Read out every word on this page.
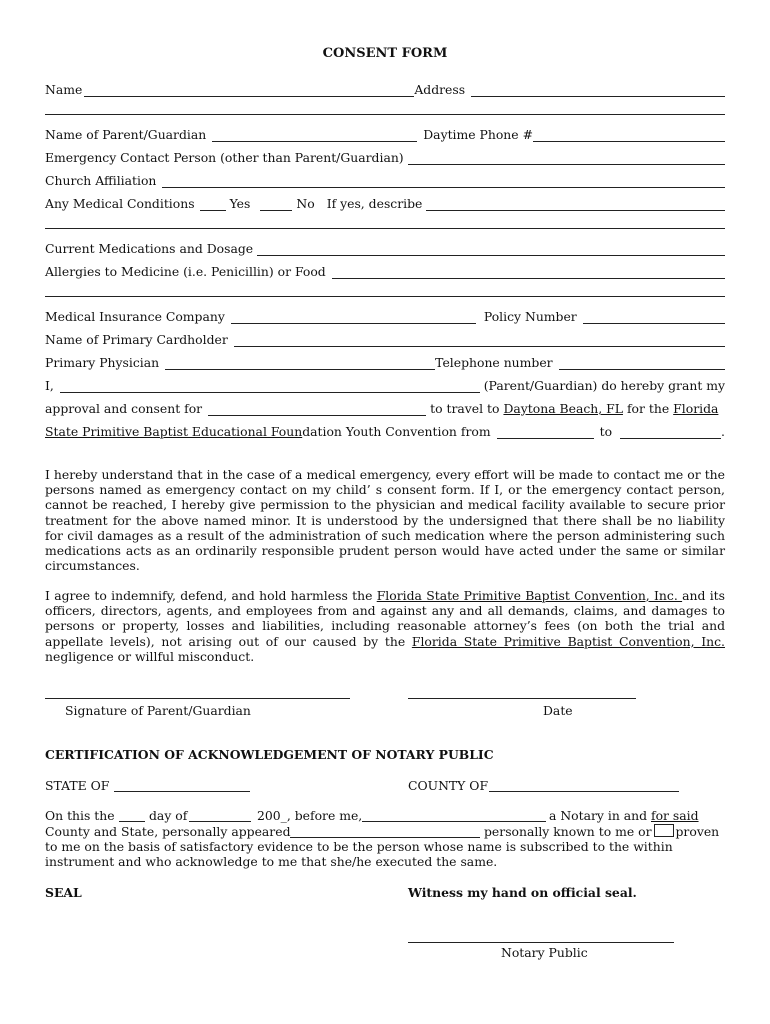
CONSENT FORM
Name	Address
Name of Parent/Guardian	Daytime Phone #
Emergency Contact Person (other than Parent/Guardian)
Church Affiliation
Any Medical Conditions	Yes	No If yes, describe
Current Medications and Dosage
Allergies to Medicine (i.e. Penicillin) or Food
Medical Insurance Company	Policy Number
Name of Primary Cardholder
Primary Physician	Telephone number
I,	(Parent/Guardian) do hereby grant my
approval and consent for	to travel to Daytona Beach, FL for the Florida
State Primitive Baptist Educational Foun dation Youth Convention from	to	.
I hereby understand that in the case of a medical emergency, every effort will be made to contact me or the persons named as emergency contact on my child’ s consent form. If I, or the emergency contact person, cannot be reached, I hereby give permission to the physician and medical facility available to secure prior treatment for the above named minor. It is understood by the undersigned that there shall be no liability for civil damages as a result of the administration of such medication where the person administering such medications acts as an ordinarily responsible prudent person would have acted under the same or similar circumstances.
I agree to indemnify, defend, and hold harmless the Florida State Primitive Baptist Convention, Inc. and its officers, directors, agents, and employees from and against any and all demands, claims, and damages to persons or property, losses and liabilities, including reasonable attorney’s fees (on both the trial and appellate levels), not arising out of our caused by the Florida State Primitive Baptist Convention, Inc. negligence or willful misconduct.
Signature of Parent/Guardian	Date
CERTIFICATION OF ACKNOWLEDGEMENT OF NOTARY PUBLIC
STATE OF	COUNTY OF
On this the	day of	200_, before me,	a Notary in and for said
County and State, personally appeared	personally known to me or proven
to me on the basis of satisfactory evidence to be the person whose name is subscribed to the within
instrument and who acknowledge to me that she/he executed the same.
SEAL	Witness my hand on official seal.
Notary Public
